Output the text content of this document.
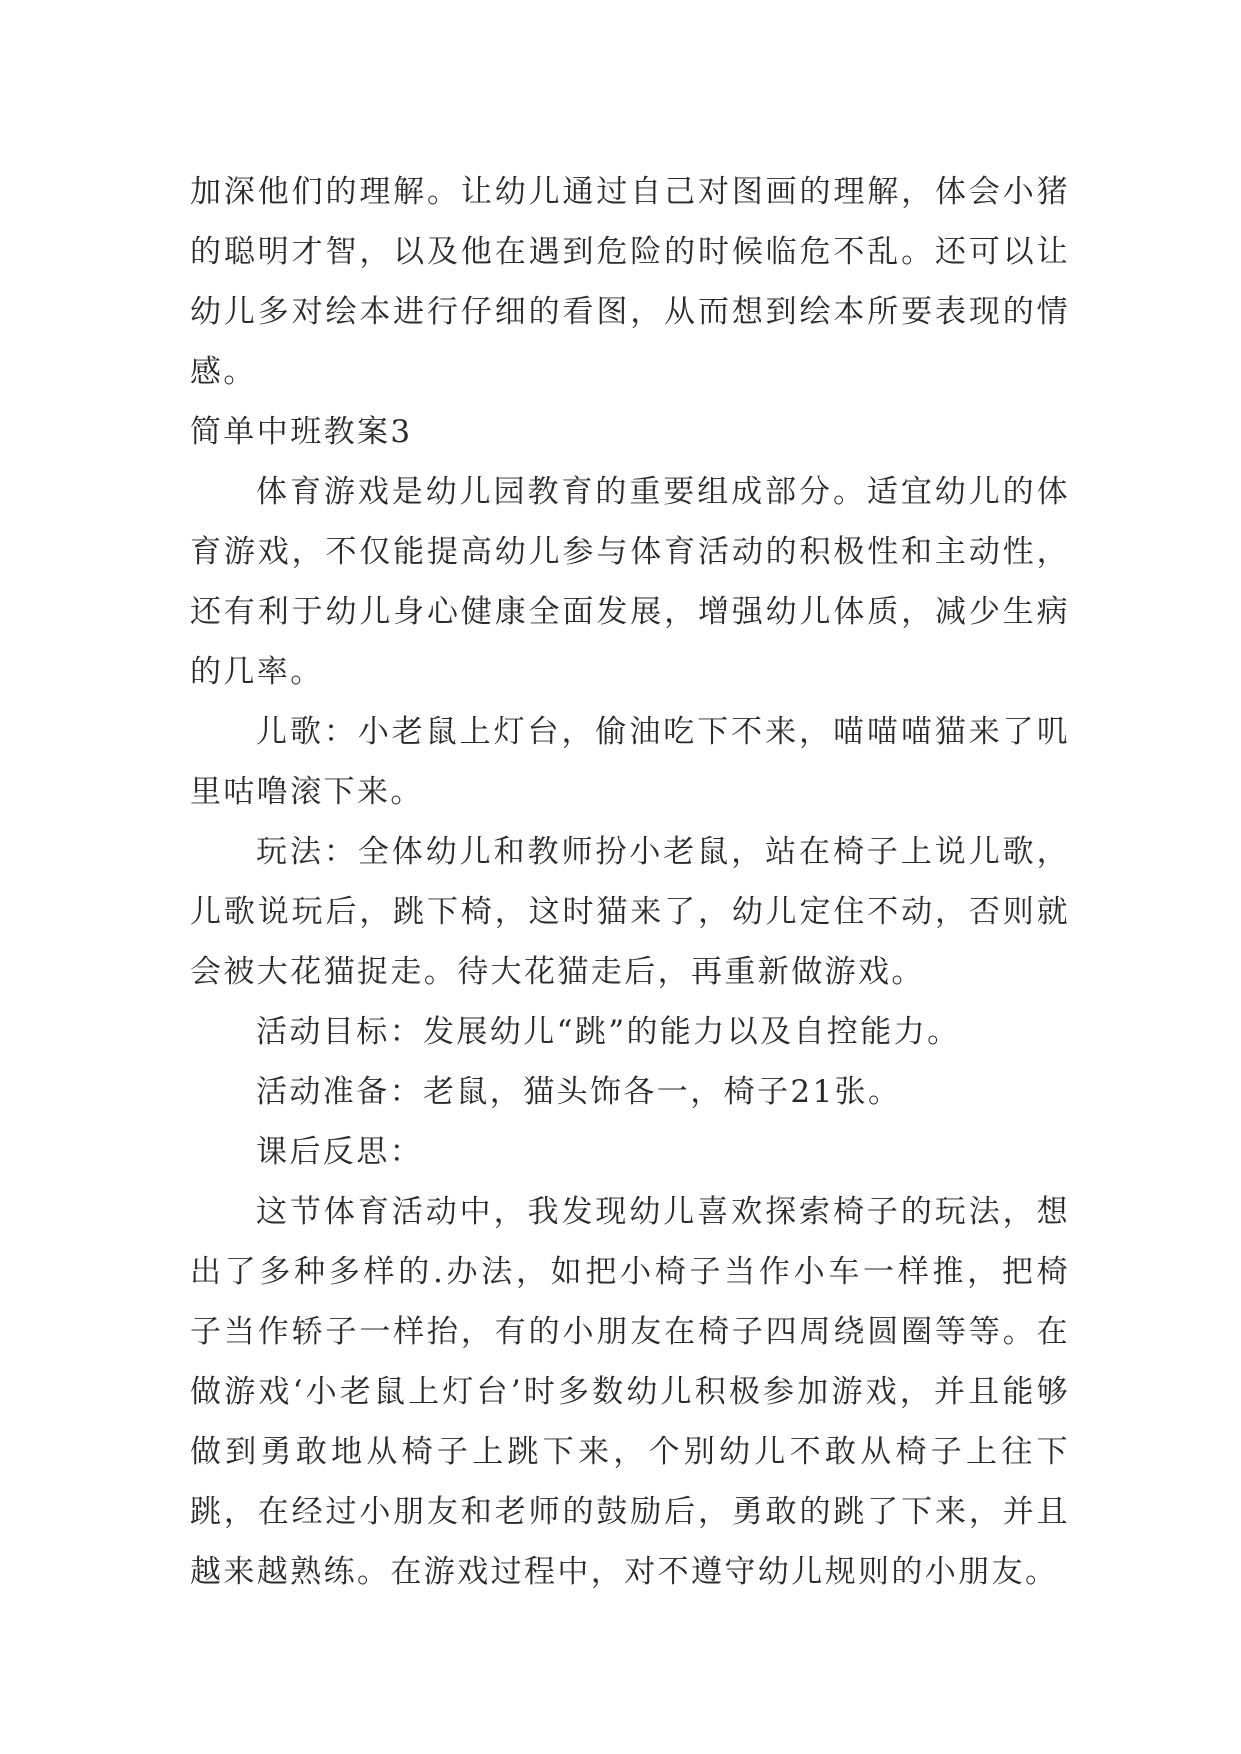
加深他们的理解。让幼儿通过自己对图画的理解，体会小猪的聪明才智，以及他在遇到危险的时候临危不乱。还可以让幼儿多对绘本进行仔细的看图，从而想到绘本所要表现的情感。

简单中班教案3

体育游戏是幼儿园教育的重要组成部分。适宜幼儿的体育游戏，不仅能提高幼儿参与体育活动的积极性和主动性，还有利于幼儿身心健康全面发展，增强幼儿体质，减少生病的几率。

儿歌：小老鼠上灯台，偷油吃下不来，喵喵喵猫来了叽里咕噜滚下来。

玩法：全体幼儿和教师扮小老鼠，站在椅子上说儿歌，儿歌说玩后，跳下椅，这时猫来了，幼儿定住不动，否则就会被大花猫捉走。待大花猫走后，再重新做游戏。

活动目标：发展幼儿“跳”的能力以及自控能力。

活动准备：老鼠，猫头饰各一，椅子21张。

课后反思：

这节体育活动中，我发现幼儿喜欢探索椅子的玩法，想出了多种多样的.办法，如把小椅子当作小车一样推，把椅子当作轿子一样抬，有的小朋友在椅子四周绕圆圈等等。在做游戏‘小老鼠上灯台’时多数幼儿积极参加游戏，并且能够做到勇敢地从椅子上跳下来，个别幼儿不敢从椅子上往下跳，在经过小朋友和老师的鼓励后，勇敢的跳了下来，并且越来越熟练。在游戏过程中，对不遵守幼儿规则的小朋友。
